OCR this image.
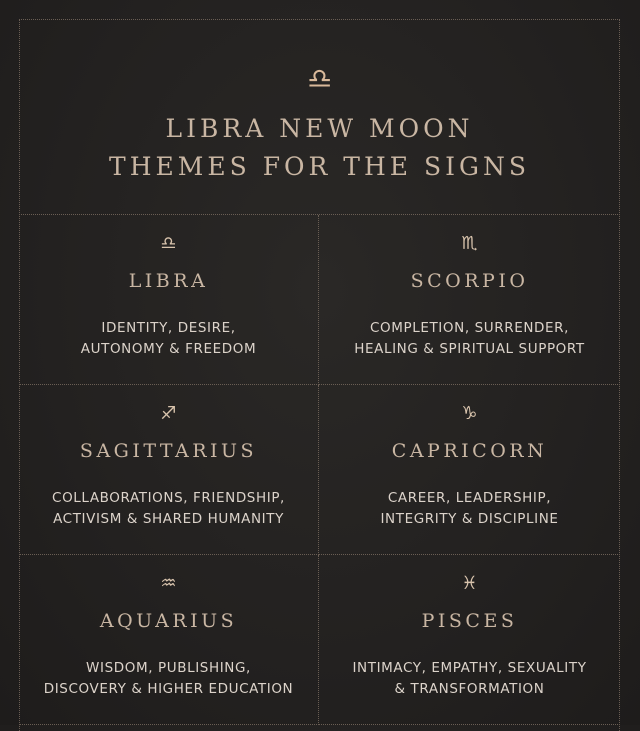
♎
LIBRA NEW MOON
THEMES FOR THE SIGNS
♎
LIBRA
IDENTITY, DESIRE,
AUTONOMY & FREEDOM
♏
SCORPIO
COMPLETION, SURRENDER,
HEALING & SPIRITUAL SUPPORT
♐
SAGITTARIUS
COLLABORATIONS, FRIENDSHIP,
ACTIVISM & SHARED HUMANITY
♑
CAPRICORN
CAREER, LEADERSHIP,
INTEGRITY & DISCIPLINE
♒
AQUARIUS
WISDOM, PUBLISHING,
DISCOVERY & HIGHER EDUCATION
♓
PISCES
INTIMACY, EMPATHY, SEXUALITY
& TRANSFORMATION
